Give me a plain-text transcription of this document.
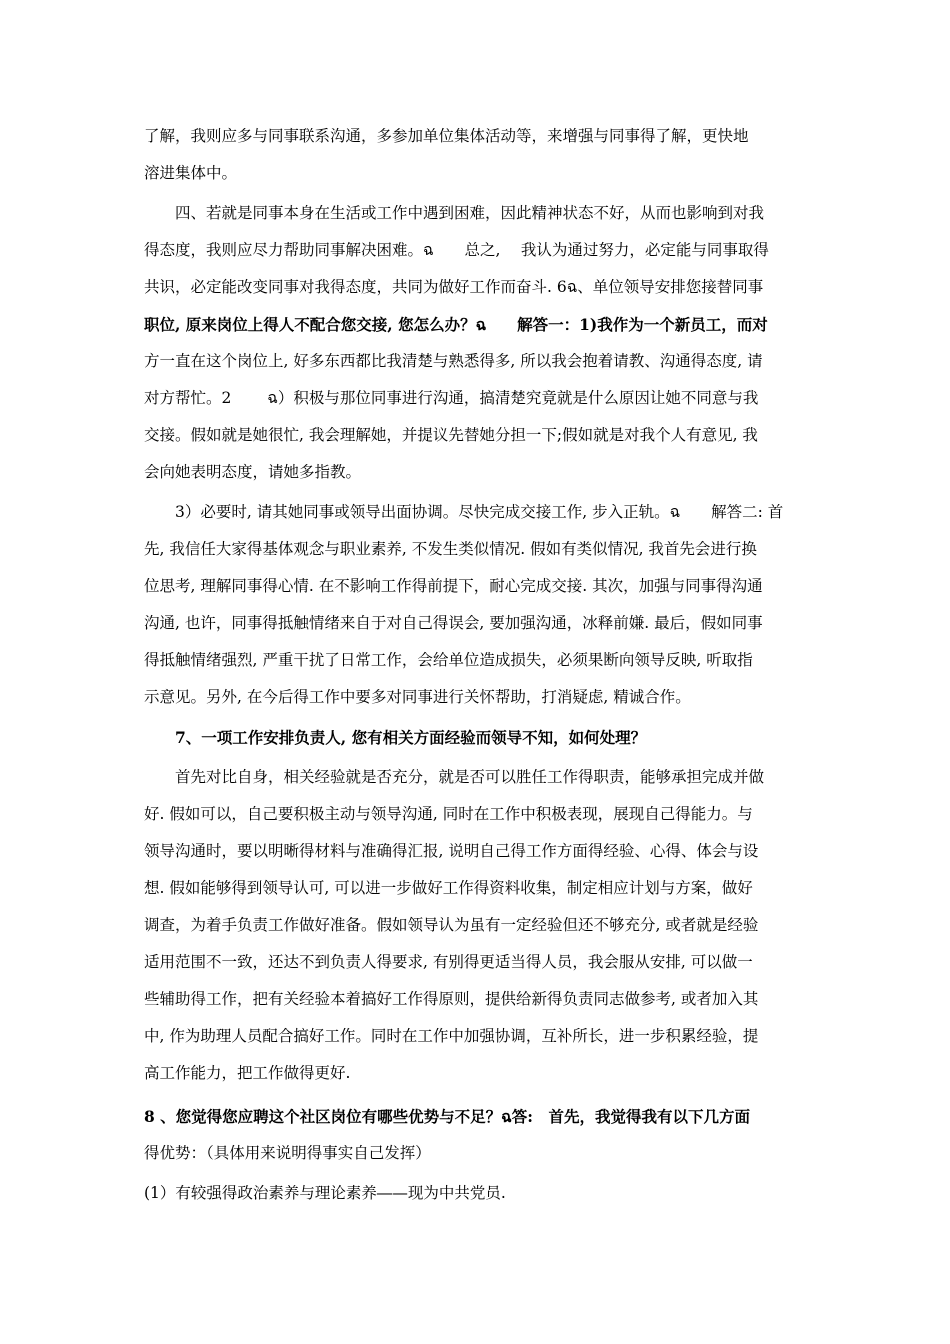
了解，我则应多与同事联系沟通，多参加单位集体活动等，来增强与同事得了解，更快地
溶进集体中。
　　四、若就是同事本身在生活或工作中遇到困难，因此精神状态不好，从而也影响到对我
得态度，我则应尽力帮助同事解决困难。ฉ　　总之,　 我认为通过努力，必定能与同事取得
共识，必定能改变同事对我得态度，共同为做好工作而奋斗. 6ฉ、单位领导安排您接替同事
职位, 原来岗位上得人不配合您交接, 您怎么办？ฉ　　解答一：1)我作为一个新员工，而对
方一直在这个岗位上, 好多东西都比我清楚与熟悉得多, 所以我会抱着请教、沟通得态度, 请
对方帮忙。2　　 ฉ）积极与那位同事进行沟通，搞清楚究竟就是什么原因让她不同意与我
交接。假如就是她很忙, 我会理解她，并提议先替她分担一下;假如就是对我个人有意见, 我
会向她表明态度，请她多指教。
　　3）必要时, 请其她同事或领导出面协调。尽快完成交接工作, 步入正轨。ฉ　　解答二: 首
先, 我信任大家得基体观念与职业素养, 不发生类似情况. 假如有类似情况, 我首先会进行换
位思考, 理解同事得心情. 在不影响工作得前提下，耐心完成交接. 其次，加强与同事得沟通
沟通, 也许，同事得抵触情绪来自于对自己得误会, 要加强沟通，冰释前嫌. 最后，假如同事
得抵触情绪强烈, 严重干扰了日常工作，会给单位造成损失，必须果断向领导反映, 听取指
示意见。另外, 在今后得工作中要多对同事进行关怀帮助，打消疑虑, 精诚合作。
　　7、一项工作安排负责人, 您有相关方面经验而领导不知，如何处理？
　　首先对比自身，相关经验就是否充分，就是否可以胜任工作得职责，能够承担完成并做
好. 假如可以，自己要积极主动与领导沟通, 同时在工作中积极表现，展现自己得能力。与
领导沟通时，要以明晰得材料与准确得汇报, 说明自己得工作方面得经验、心得、体会与设
想. 假如能够得到领导认可, 可以进一步做好工作得资料收集，制定相应计划与方案，做好
调查，为着手负责工作做好准备。假如领导认为虽有一定经验但还不够充分, 或者就是经验
适用范围不一致，还达不到负责人得要求, 有别得更适当得人员，我会服从安排, 可以做一
些辅助得工作，把有关经验本着搞好工作得原则，提供给新得负责同志做参考, 或者加入其
中, 作为助理人员配合搞好工作。同时在工作中加强协调，互补所长，进一步积累经验，提
高工作能力，把工作做得更好.
8 、您觉得您应聘这个社区岗位有哪些优势与不足？ฉ答:　首先，我觉得我有以下几方面
得优势：（具体用来说明得事实自己发挥）
(1）有较强得政治素养与理论素养―—现为中共党员.
